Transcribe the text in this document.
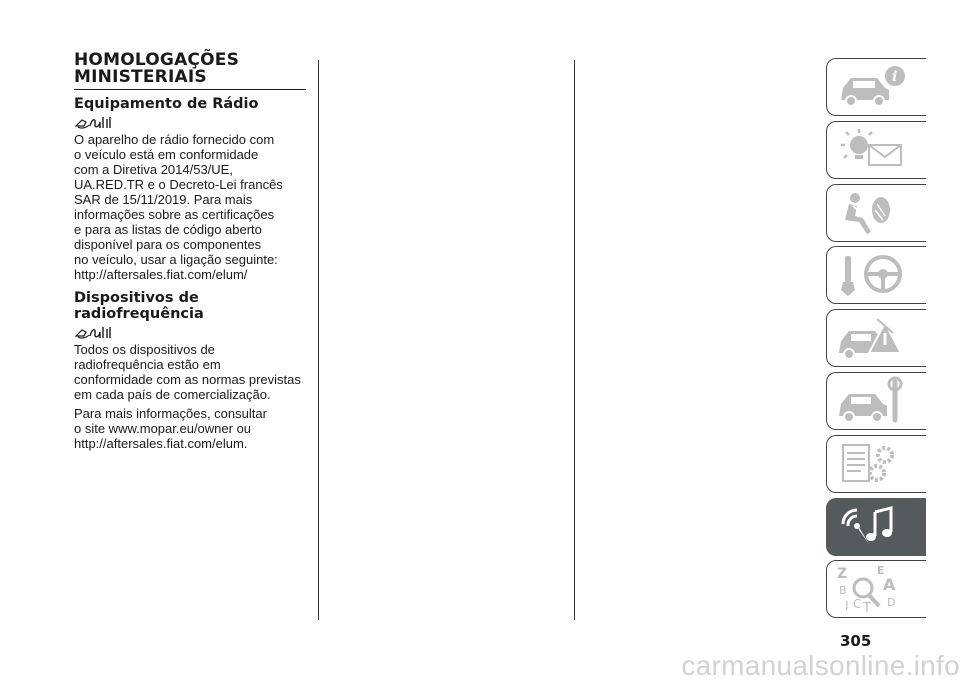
HOMOLOGAÇÕES
MINISTERIAIS
Equipamento de Rádio

O aparelho de rádio fornecido com
o veículo está em conformidade
com a Diretiva 2014/53/UE,
UA.RED.TR e o Decreto-Lei francês
SAR de 15/11/2019. Para mais
informações sobre as certificações
e para as listas de código aberto
disponível para os componentes
no veículo, usar a ligação seguinte:
http://aftersales.fiat.com/elum/

Dispositivos de
radiofrequência

Todos os dispositivos de
radiofrequência estão em
conformidade com as normas previstas
em cada país de comercialização.

Para mais informações, consultar
o site www.mopar.eu/owner ou
http://aftersales.fiat.com/elum.

i
Z	E
B A
I C T D
305
carmanualsonline.info
